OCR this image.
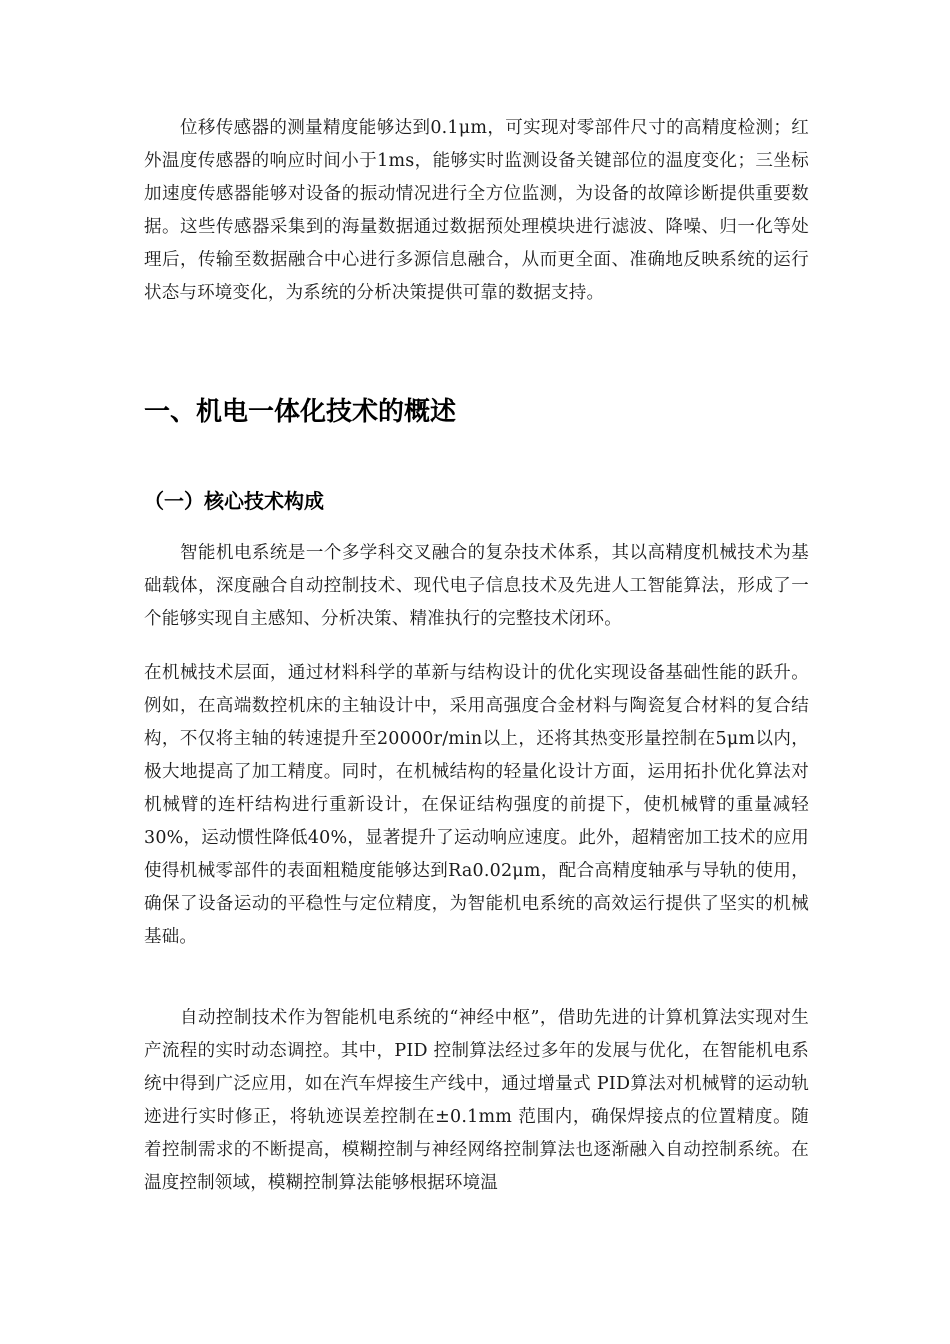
位移传感器的测量精度能够达到0.1μm，可实现对零部件尺寸的高精度检测；红外温度传感器的响应时间小于1ms，能够实时监测设备关键部位的温度变化；三坐标加速度传感器能够对设备的振动情况进行全方位监测，为设备的故障诊断提供重要数据。这些传感器采集到的海量数据通过数据预处理模块进行滤波、降噪、归一化等处理后，传输至数据融合中心进行多源信息融合，从而更全面、准确地反映系统的运行状态与环境变化，为系统的分析决策提供可靠的数据支持。

一、机电一体化技术的概述
（一）核心技术构成

智能机电系统是一个多学科交叉融合的复杂技术体系，其以高精度机械技术为基础载体，深度融合自动控制技术、现代电子信息技术及先进人工智能算法，形成了一个能够实现自主感知、分析决策、精准执行的完整技术闭环。

在机械技术层面，通过材料科学的革新与结构设计的优化实现设备基础性能的跃升。例如，在高端数控机床的主轴设计中，采用高强度合金材料与陶瓷复合材料的复合结构，不仅将主轴的转速提升至20000r/min以上，还将其热变形量控制在5μm以内，极大地提高了加工精度。同时，在机械结构的轻量化设计方面，运用拓扑优化算法对机械臂的连杆结构进行重新设计，在保证结构强度的前提下，使机械臂的重量减轻30%，运动惯性降低40%，显著提升了运动响应速度。此外，超精密加工技术的应用使得机械零部件的表面粗糙度能够达到Ra0.02μm，配合高精度轴承与导轨的使用，确保了设备运动的平稳性与定位精度，为智能机电系统的高效运行提供了坚实的机械基础。

自动控制技术作为智能机电系统的“神经中枢”，借助先进的计算机算法实现对生产流程的实时动态调控。其中，PID 控制算法经过多年的发展与优化，在智能机电系统中得到广泛应用，如在汽车焊接生产线中，通过增量式 PID算法对机械臂的运动轨迹进行实时修正，将轨迹误差控制在±0.1mm 范围内，确保焊接点的位置精度。随着控制需求的不断提高，模糊控制与神经网络控制算法也逐渐融入自动控制系统。在温度控制领域，模糊控制算法能够根据环境温
